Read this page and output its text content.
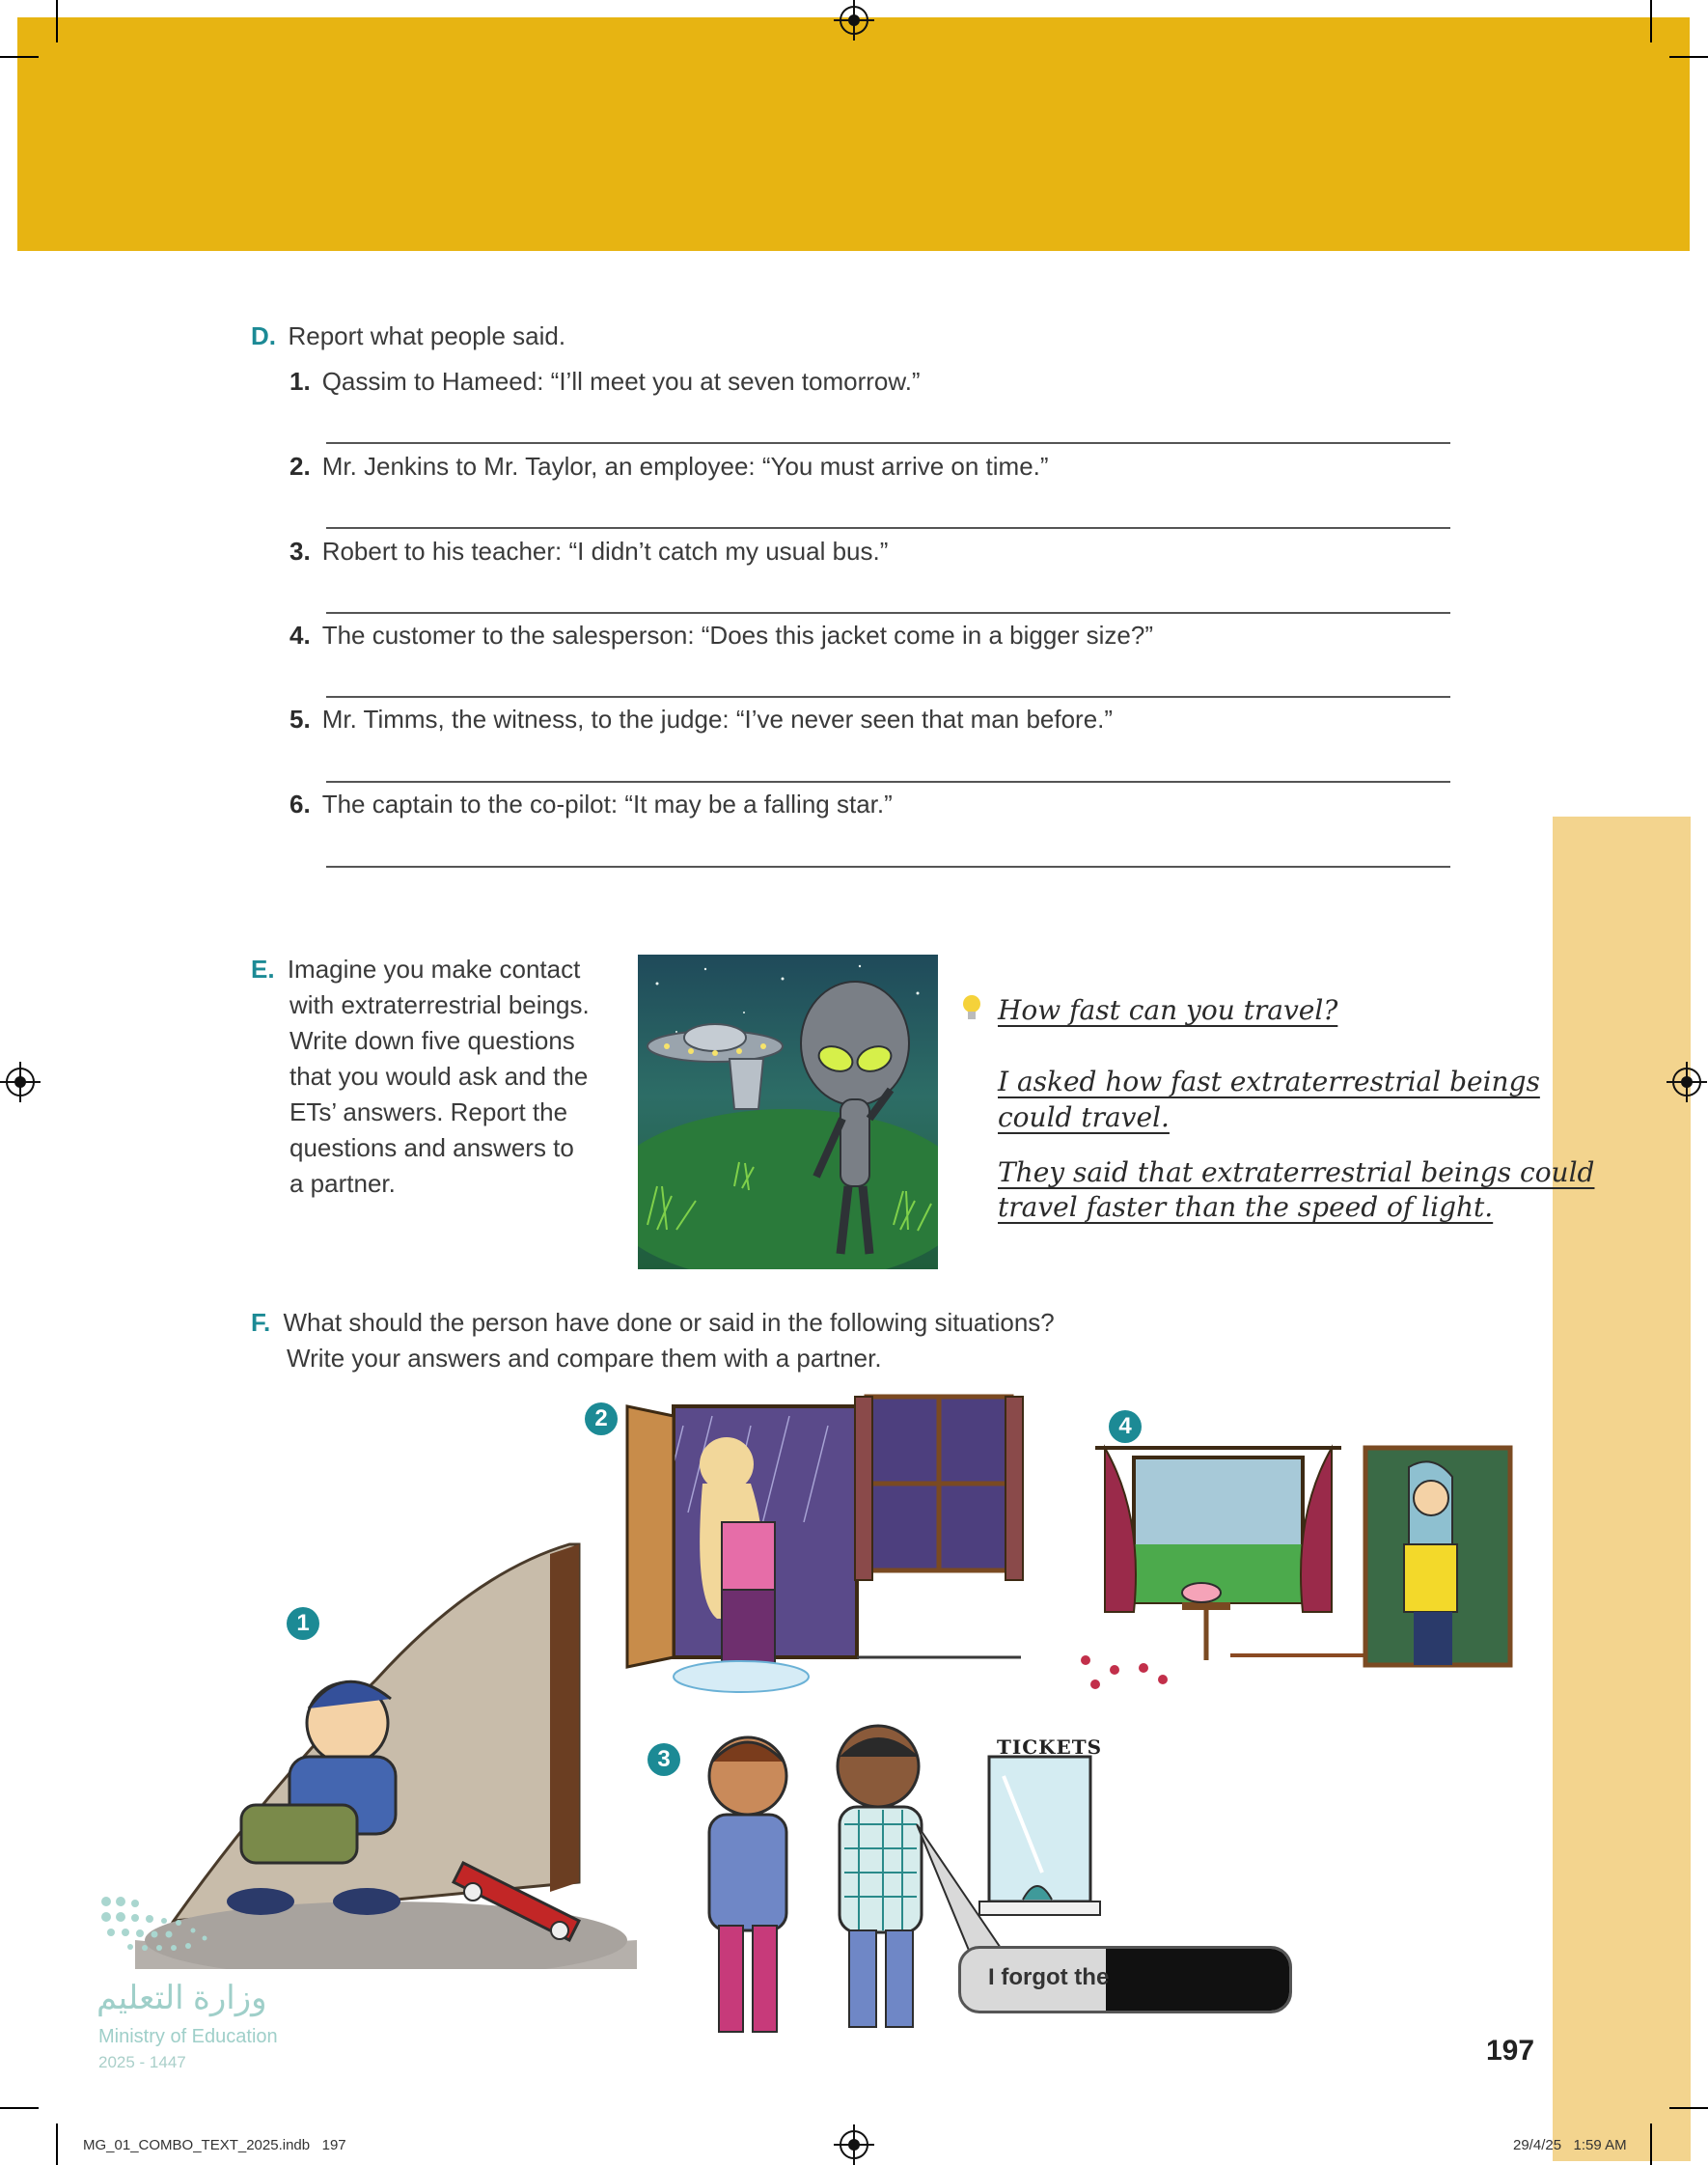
D. Report what people said.
1. Qassim to Hameed: “I’ll meet you at seven tomorrow.”
2. Mr. Jenkins to Mr. Taylor, an employee: “You must arrive on time.”
3. Robert to his teacher: “I didn’t catch my usual bus.”
4. The customer to the salesperson: “Does this jacket come in a bigger size?”
5. Mr. Timms, the witness, to the judge: “I’ve never seen that man before.”
6. The captain to the co-pilot: “It may be a falling star.”
E. Imagine you make contact
with extraterrestrial beings.
Write down five questions
that you would ask and the
ETs’ answers. Report the
questions and answers to
a partner.
How fast can you travel?
I asked how fast extraterrestrial beings
could travel.
They said that extraterrestrial beings could
travel faster than the speed of light.
F. What should the person have done or said in the following situations?
Write your answers and compare them with a partner.
TICKETS
I forgot the
2	4
1
3
وزارة التعليم
Ministry of Education
2025 - 1447	197
MG_01_COMBO_TEXT_2025.indb   197	29/4/25   1:59 AM
